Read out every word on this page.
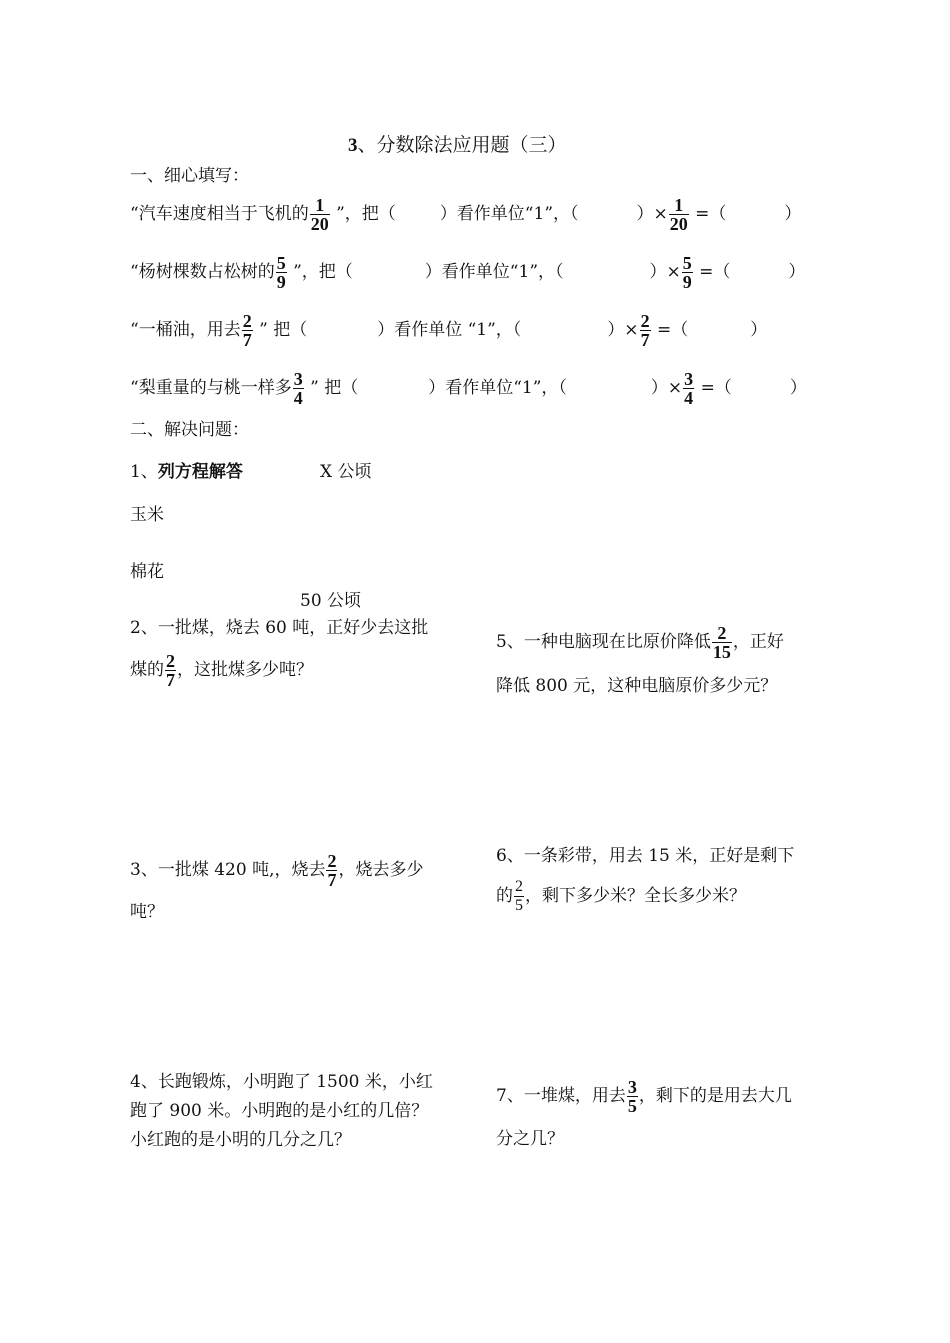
3、分数除法应用题（三）
一、细心填写：
“汽车速度相当于飞机的 $\frac{1}{20}$ ”，把（	）看作单位“1”，（	）× $\frac{1}{20}$ =（	）
“杨树棵数占松树的 $\frac{5}{9}$ ”，把（	）看作单位“1”，（	）× $\frac{5}{9}$ =（	）
“一桶油，用去 $\frac{2}{7}$ ” 把（	）看作单位 “1”，（	）× $\frac{2}{7}$ =（	）
“梨重量的与桃一样多 $\frac{3}{4}$ ” 把（	）看作单位“1”，（	）× $\frac{3}{4}$ =（	）
二、解决问题：
1、列方程解答	X 公顷
玉米
棉花
50 公顷
2、一批煤，烧去 60 吨，正好少去这批
煤的 $\frac{2}{7}$ ，这批煤多少吨？
5、一种电脑现在比原价降低 $\frac{2}{15}$ ，正好
降低 800 元，这种电脑原价多少元？
3、一批煤 420 吨,，烧去 $\frac{2}{7}$ ，烧去多少
吨？
6、一条彩带，用去 15 米，正好是剩下
的 $\frac{2}{5}$ ，剩下多少米？全长多少米？
4、长跑锻炼，小明跑了 1500 米，小红
跑了 900 米。小明跑的是小红的几倍？
小红跑的是小明的几分之几？
7、一堆煤，用去 $\frac{3}{5}$ ，剩下的是用去大几
分之几？
